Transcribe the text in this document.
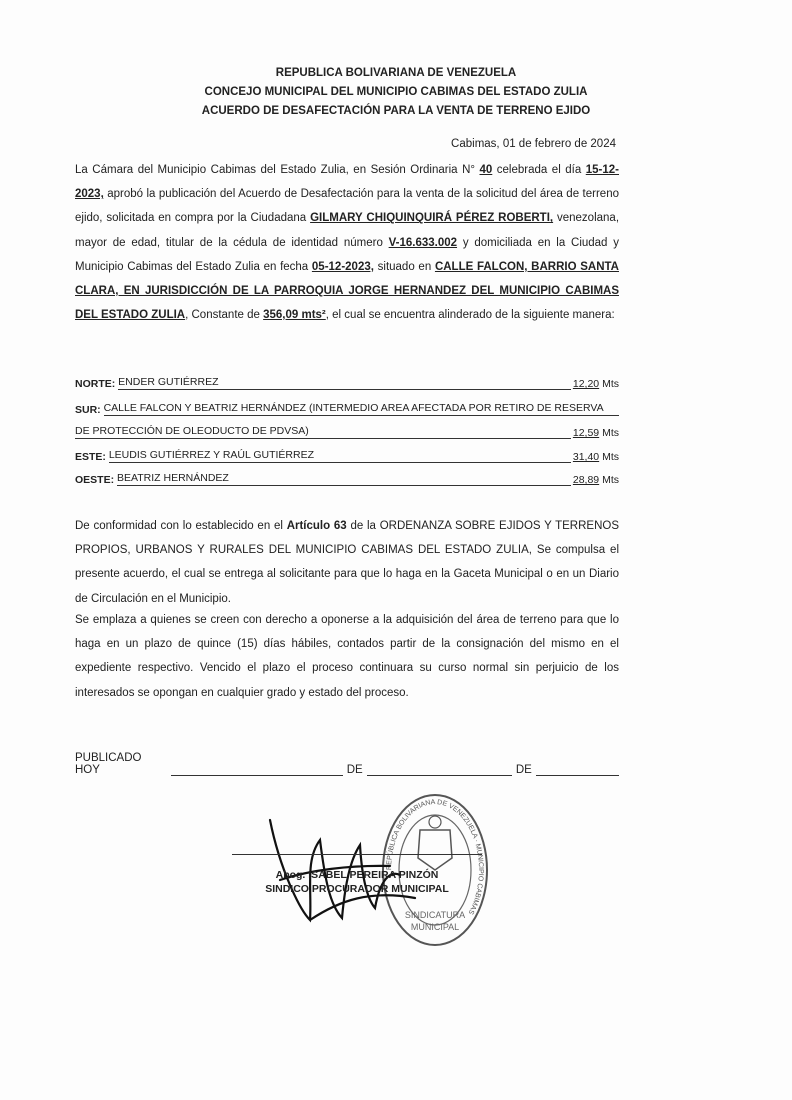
REPUBLICA BOLIVARIANA DE VENEZUELA
CONCEJO MUNICIPAL DEL MUNICIPIO CABIMAS DEL ESTADO ZULIA
ACUERDO DE DESAFECTACIÓN PARA LA VENTA DE TERRENO EJIDO
Cabimas, 01 de febrero de 2024
La Cámara del Municipio Cabimas del Estado Zulia, en Sesión Ordinaria N° 40 celebrada el día 15-12-2023, aprobó la publicación del Acuerdo de Desafectación para la venta de la solicitud del área de terreno ejido, solicitada en compra por la Ciudadana GILMARY CHIQUINQUIRÁ PÉREZ ROBERTI, venezolana, mayor de edad, titular de la cédula de identidad número V-16.633.002 y domiciliada en la Ciudad y Municipio Cabimas del Estado Zulia en fecha 05-12-2023, situado en CALLE FALCON, BARRIO SANTA CLARA, EN JURISDICCIÓN DE LA PARROQUIA JORGE HERNANDEZ DEL MUNICIPIO CABIMAS DEL ESTADO ZULIA, Constante de 356,09 mts², el cual se encuentra alinderado de la siguiente manera:
NORTE: ENDER GUTIÉRREZ	12,20 Mts
SUR: CALLE FALCON Y BEATRIZ HERNÁNDEZ (INTERMEDIO AREA AFECTADA POR RETIRO DE RESERVA
DE PROTECCIÓN DE OLEODUCTO DE PDVSA)	12,59 Mts
ESTE: LEUDIS GUTIÉRREZ Y RAÚL GUTIÉRREZ	31,40 Mts
OESTE: BEATRIZ HERNÁNDEZ	28,89 Mts
De conformidad con lo establecido en el Artículo 63 de la ORDENANZA SOBRE EJIDOS Y TERRENOS PROPIOS, URBANOS Y RURALES DEL MUNICIPIO CABIMAS DEL ESTADO ZULIA, Se compulsa el presente acuerdo, el cual se entrega al solicitante para que lo haga en la Gaceta Municipal o en un Diario de Circulación en el Municipio.
Se emplaza a quienes se creen con derecho a oponerse a la adquisición del área de terreno para que lo haga en un plazo de quince (15) días hábiles, contados partir de la consignación del mismo en el expediente respectivo. Vencido el plazo el proceso continuara su curso normal sin perjuicio de los interesados se opongan en cualquier grado y estado del proceso.
PUBLICADO HOY	DE	DE
REPÚBLICA BOLIVARIANA DE VENEZUELA · MUNICIPIO CABIMAS
SINDICATURA
MUNICIPAL
Abog. ISABEL PEREIRA PINZÓN
SINDICO PROCURADOR MUNICIPAL
